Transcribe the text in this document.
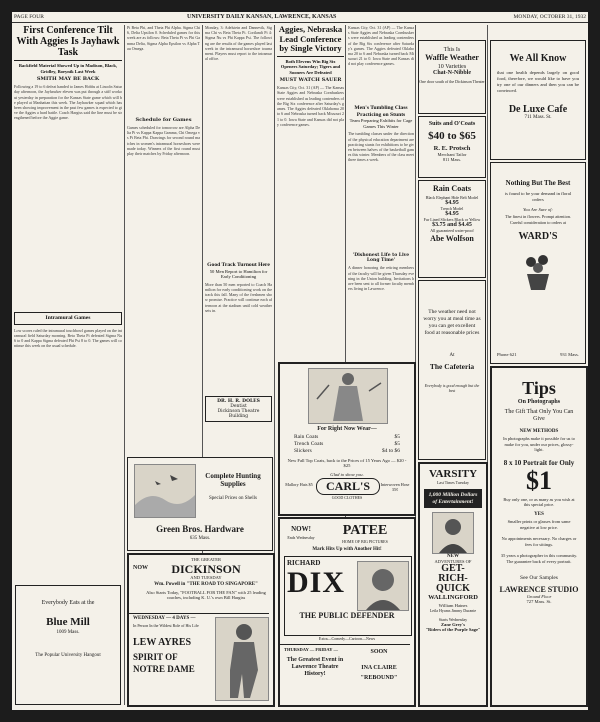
PAGE FOUR	UNIVERSITY DAILY KANSAN, LAWRENCE, KANSAS	MONDAY, OCTOBER 31, 1932
First Conference Tilt With Aggies Is Jayhawk Task
Backfield Material Showed Up in Madison, Black, Gridley, Boeynik Last Week
SMITH MAY BE BACK
Following a 19 to 6 defeat handed to James Hobbs at Lincoln Saturday afternoon, the Jayhawker eleven was put through a stiff workout yesterday in preparation for the Kansas State game which will be played at Manhattan this week. The Jayhawker squad which has been showing improvement in the past few games is expected to give the Aggies a hard battle. Coach Hargiss said the line must be strengthened before the Aggie game.
Intramural Games
Low scores ruled the intramural touchbowl games played on the intramural field Saturday morning. Beta Theta Pi defeated Sigma Nu 6 to 0 and Kappa Sigma defeated Phi Psi 8 to 0. The games will continue this week on the usual schedule.
Everybody Eats at the
Blue Mill
1009 Mass.
The Popular University Hangout
Pi Beta Phi, and Theta Phi Alpha. Sigma Chi 6, Delta Upsilon 0. Scheduled games for this week are as follows: Beta Theta Pi vs Phi Gamma Delta, Sigma Alpha Epsilon vs Alpha Tau Omega.
Schedule for Games
Games scheduled for tomorrow are Alpha Delta Pi vs Kappa Kappa Gamma, Chi Omega vs Pi Beta Phi. Drawings for second round matches in women's intramural horseshoes were made today. Winners of the first round must play their matches by Friday afternoon.
Monday, 3: Adelstein and Dannevik, Sigma Chi vs Beta Theta Pi. Cortlandt Pi 4: Sigma Nu vs Phi Kappa Psi. The following are the results of the games played last week in the intramural horseshoe tournament. Players must report to the intramural office.
Good Track Turnout Here
50 Men Report to Hamilton for Early Conditioning
More than 50 men reported to Coach Hamilton for early conditioning work on the track this fall. Many of the freshmen show promise. Practice will continue each afternoon at the stadium until cold weather sets in.
DR. H. R. DOLES
Dentist
Dickinson Theatre Building
Complete Hunting Supplies
Special Prices on Shells
Green Bros. Hardware
635 Mass.
NOW
THE GREATER
DICKINSON
AND TUESDAY
Wm. Powell in "THE ROAD TO SINGAPORE"
Also Starts Today, "FOOTBALL FOR THE FAN" with 25 leading coaches, including K. U.'s own Bill Hargiss
WEDNESDAY — 4 DAYS —
In Person In the Wildest Role of His Life
LEW AYRES
SPIRIT OF
NOTRE DAME
Aggies, Nebraska Lead Conference by Single Victory
Both Elevens Win Big Six Openers Saturday; Tigers and Sooners Are Defeated
MUST WATCH SAUER
Kansas City, Oct. 31 (AP) — The Kansas State Aggies and Nebraska Cornhuskers were established as leading contenders of the Big Six conference after Saturday's games. The Aggies defeated Oklahoma 20 to 6 and Nebraska turned back Missouri 21 to 0. Iowa State and Kansas did not play conference games.
Kansas City, Oct. 31 (AP) — The Kansas State Aggies and Nebraska Cornhuskers were established as leading contenders of the Big Six conference after Saturday's games. The Aggies defeated Oklahoma 20 to 6 and Nebraska turned back Missouri 21 to 0. Iowa State and Kansas did not play conference games.
Men's Tumbling Class Practicing on Stunts
Team Preparing Exhibits for Cage Games This Winter
The tumbling classes under the direction of the physical education department are practicing stunts for exhibitions to be given between halves of the basketball games this winter. Members of the class meet three times a week.
'Dishonest Life to Live Long Time'
A dinner honoring the retiring members of the faculty will be given Thursday evening in the Union building. Invitations have been sent to all former faculty members living in Lawrence.
For Right Now Wear—
Rain Coats	$5
Trench Coats	$5
Slickers	$4 to $6
New Fall Top Coats, back to the Prices of 15 Years Ago — $20 - $25
Glad to show you.
Mallory Hats $5	CARL'S
GOOD CLOTHES
Interwoven Hose 35¢
NOW!
Ends Wednesday	PATEE
HOME OF BIG PICTURES
Mark Hits Up with Another Hit!
RICHARD
DIX
THE PUBLIC DEFENDER
Extra—Comedy—Cartoon—News
THURSDAY — FRIDAY —
The Greatest Event in Lawrence Theatre History!
SOON
INA CLAIRE
"REBOUND"
This Is
Waffle Weather
10 Varieties
Chat-N-Nibble
One door south of the Dickinson Theater
Suits and O'Coats
$40 to $65
R. E. Protsch
Merchant Tailor
811 Mass.
Rain Coats
Black Elephant Hide Belt Model
$4.95
Trench Model
$4.95
Fur Lined Slickers Black or Yellow
$3.75 and $4.45
All guaranteed water-proof
Abe Wolfson
The weather need not worry you at meal time as you can get excellent food at reasonable prices
At
The Cafeteria
Everybody is good enough but the best
We All Know
that one health depends largely on good food, therefore, we would like to have you try one of our dinners and then you can be convinced.
De Luxe Cafe
711 Mass. St.
Nothing But The Best
is found to be your demand in floral orders
You Are Sure of:
The finest in flowers. Prompt attention. Careful consideration to orders at
WARD'S
Phone 621	931 Mass.
VARSITY
Last Times Tuesday
1,000 Million Dollars of Entertainment!
NEW
ADVENTURES OF
GET-
RICH-
QUICK
WALLINGFORD
William Haines
Leila Hyams Jimmy Durante
Starts Wednesday
Zane Grey's
"Riders of the Purple Sage"
Tips
On Photographs
The Gift That Only You Can Give
NEW METHODS
In photographs make it possible for us to make for you, under our prices, glossy-light.
8 x 10 Portrait for Only
$1
Buy only one, or as many as you wish at this special price.
YES
Smaller prints or glasses from same negative at low price.
No appointments necessary. No charges or fees for sittings.
35 years a photographer in this community. The guarantee back of every portrait.
See Our Samples
LAWRENCE STUDIO
Ground Floor
727 Mass. St.
